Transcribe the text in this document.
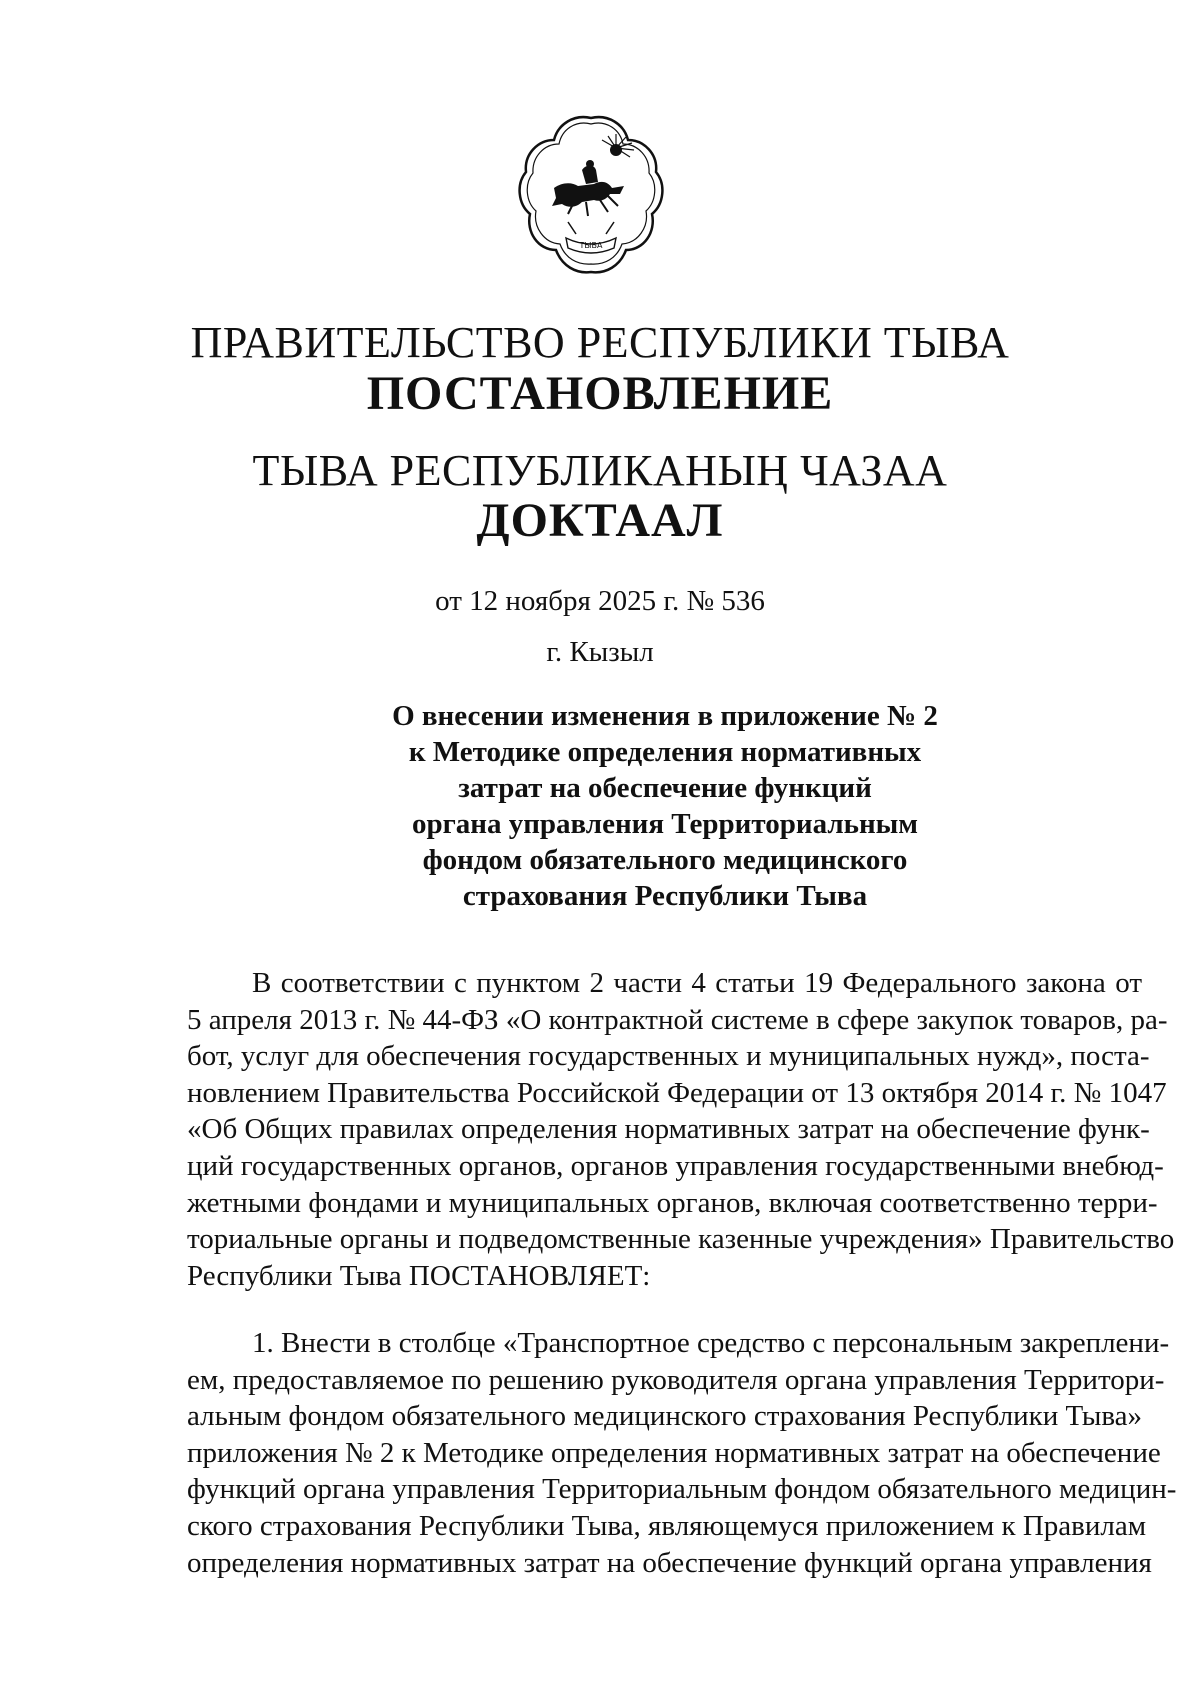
ТЫВА
ПРАВИТЕЛЬСТВО РЕСПУБЛИКИ ТЫВА
ПОСТАНОВЛЕНИЕ
ТЫВА РЕСПУБЛИКАНЫҢ ЧАЗАА
ДОКТААЛ
от 12 ноября 2025 г. № 536
г. Кызыл
О внесении изменения в приложение № 2
к Методике определения нормативных
затрат на обеспечение функций
органа управления Территориальным
фондом обязательного медицинского
страхования Республики Тыва
В соответствии с пунктом 2 части 4 статьи 19 Федерального закона от
5 апреля 2013 г. № 44-ФЗ «О контрактной системе в сфере закупок товаров, ра-
бот, услуг для обеспечения государственных и муниципальных нужд», поста-
новлением Правительства Российской Федерации от 13 октября 2014 г. № 1047
«Об Общих правилах определения нормативных затрат на обеспечение функ-
ций государственных органов, органов управления государственными внебюд-
жетными фондами и муниципальных органов, включая соответственно терри-
ториальные органы и подведомственные казенные учреждения» Правительство
Республики Тыва ПОСТАНОВЛЯЕТ:
1. Внести в столбце «Транспортное средство с персональным закреплени-
ем, предоставляемое по решению руководителя органа управления Территори-
альным фондом обязательного медицинского страхования Республики Тыва»
приложения № 2 к Методике определения нормативных затрат на обеспечение
функций органа управления Территориальным фондом обязательного медицин-
ского страхования Республики Тыва, являющемуся приложением к Правилам
определения нормативных затрат на обеспечение функций органа управления
